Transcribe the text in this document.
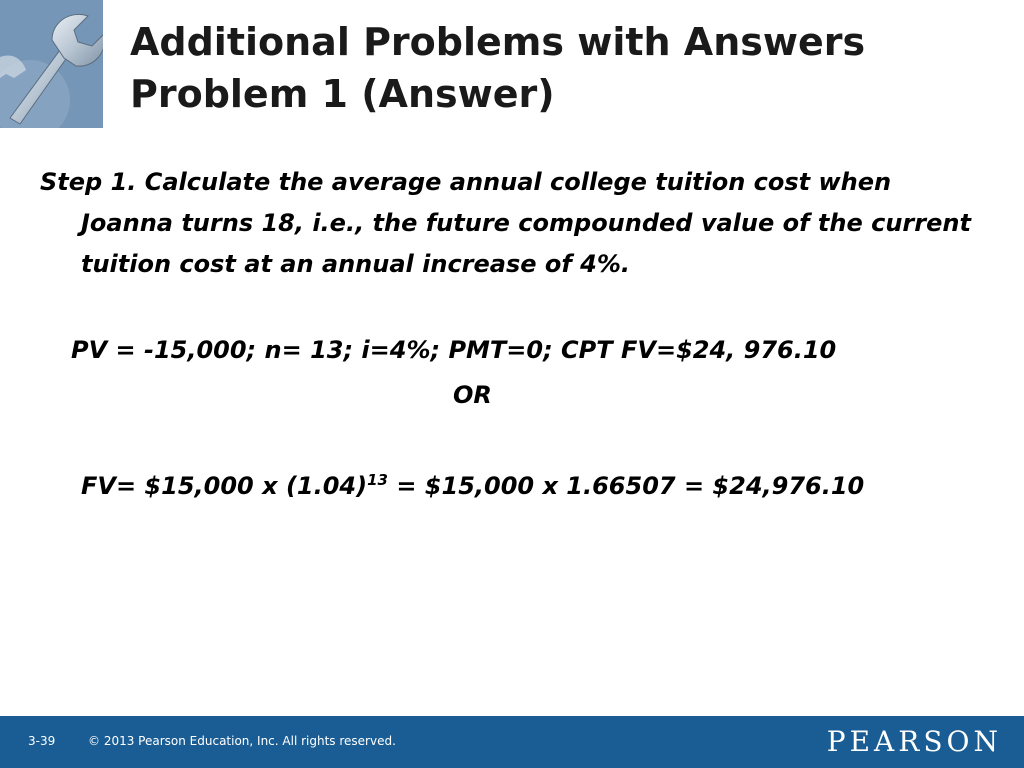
Additional Problems with Answers
Problem 1 (Answer)

Step 1. Calculate the average annual college tuition cost when Joanna turns 18, i.e., the future compounded value of the current tuition cost at an annual increase of 4%.

PV = -15,000; n= 13; i=4%; PMT=0; CPT FV=$24, 976.10

OR

FV= $15,000 x $(1.04)^{13}$ = $15,000 x 1.66507 = $24,976.10

3-39	© 2013 Pearson Education, Inc. All rights reserved.	PEARSON
